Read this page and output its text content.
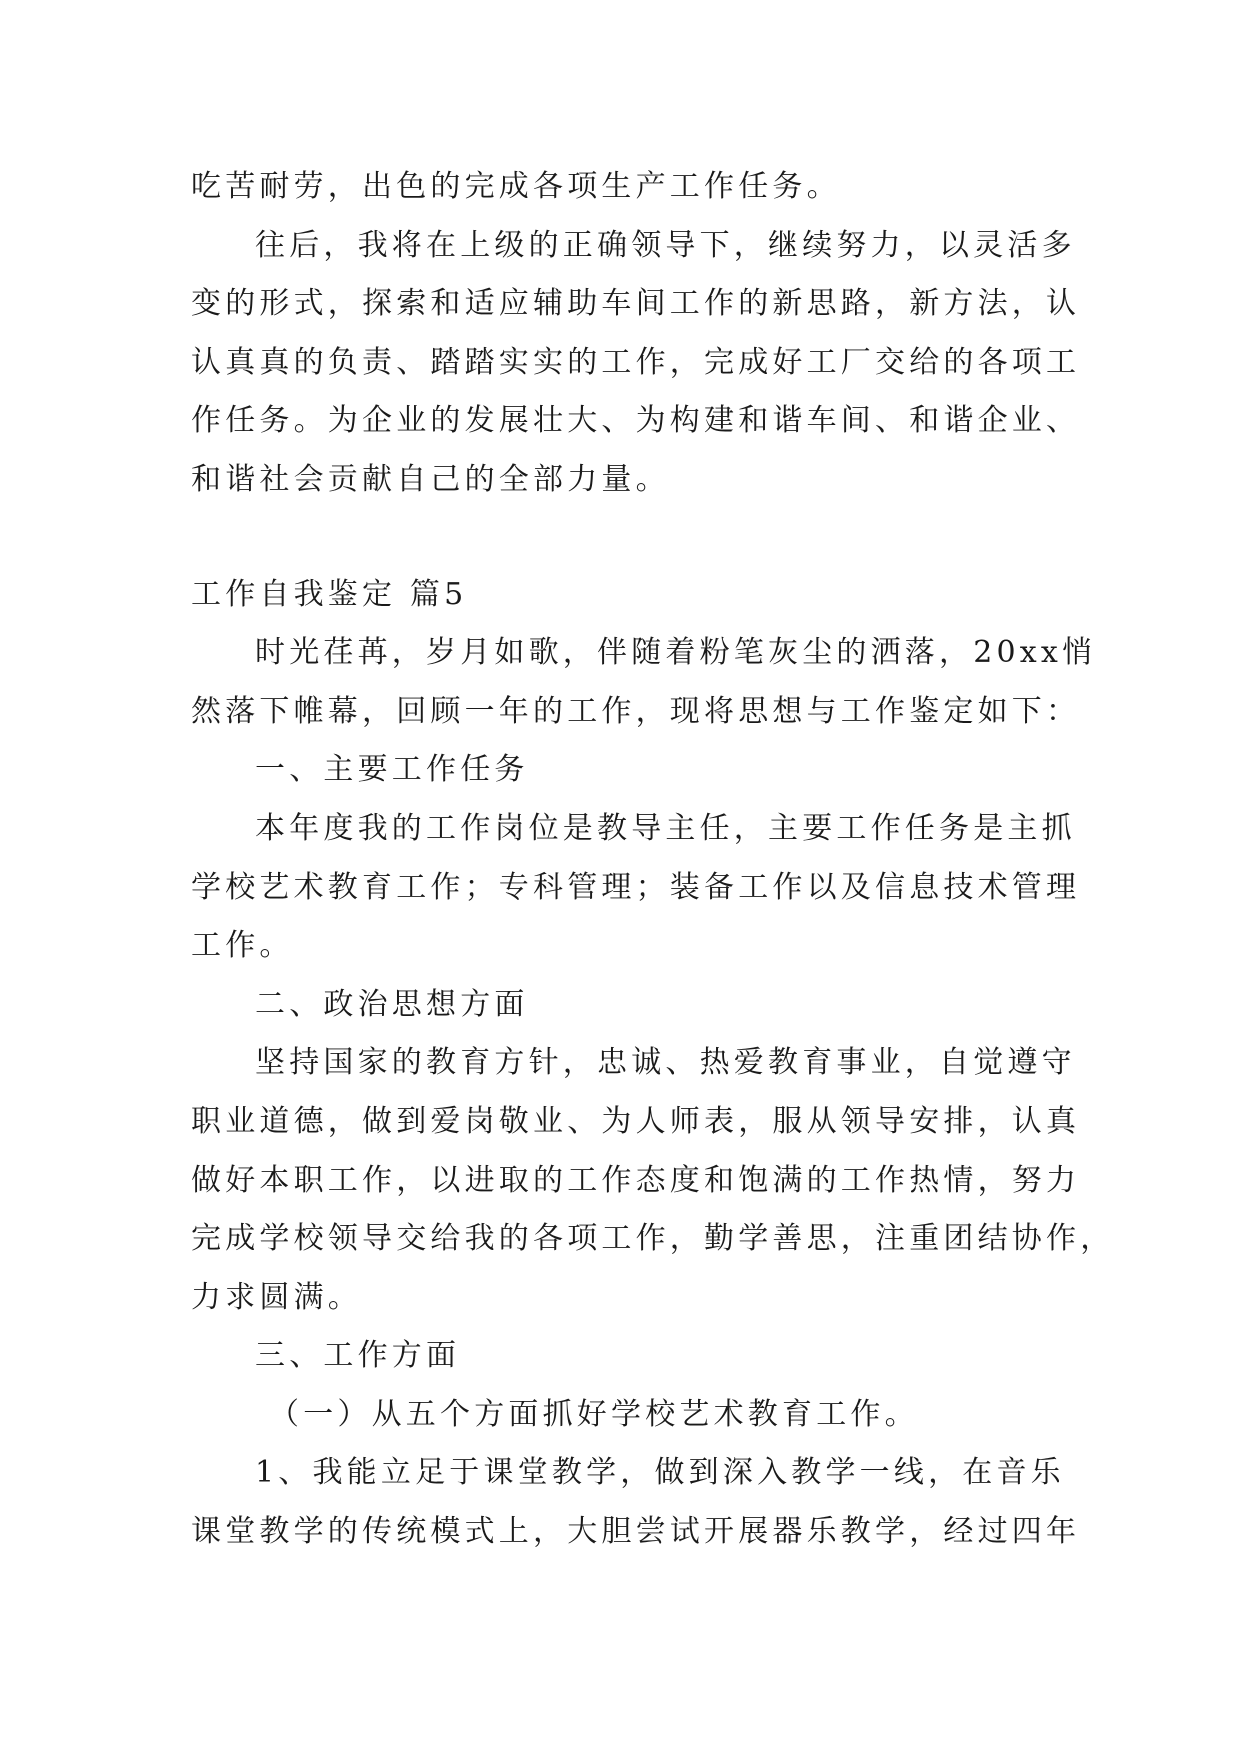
吃苦耐劳，出色的完成各项生产工作任务。
往后，我将在上级的正确领导下，继续努力，以灵活多
变的形式，探索和适应辅助车间工作的新思路，新方法，认
认真真的负责、踏踏实实的工作，完成好工厂交给的各项工
作任务。为企业的发展壮大、为构建和谐车间、和谐企业、
和谐社会贡献自己的全部力量。
工作自我鉴定 篇5
时光荏苒，岁月如歌，伴随着粉笔灰尘的洒落，20xx悄
然落下帷幕，回顾一年的工作，现将思想与工作鉴定如下：
一、主要工作任务
本年度我的工作岗位是教导主任，主要工作任务是主抓
学校艺术教育工作；专科管理；装备工作以及信息技术管理
工作。
二、政治思想方面
坚持国家的教育方针，忠诚、热爱教育事业，自觉遵守
职业道德，做到爱岗敬业、为人师表，服从领导安排，认真
做好本职工作，以进取的工作态度和饱满的工作热情，努力
完成学校领导交给我的各项工作，勤学善思，注重团结协作，
力求圆满。
三、工作方面
（一）从五个方面抓好学校艺术教育工作。
1、我能立足于课堂教学，做到深入教学一线，在音乐
课堂教学的传统模式上，大胆尝试开展器乐教学，经过四年
